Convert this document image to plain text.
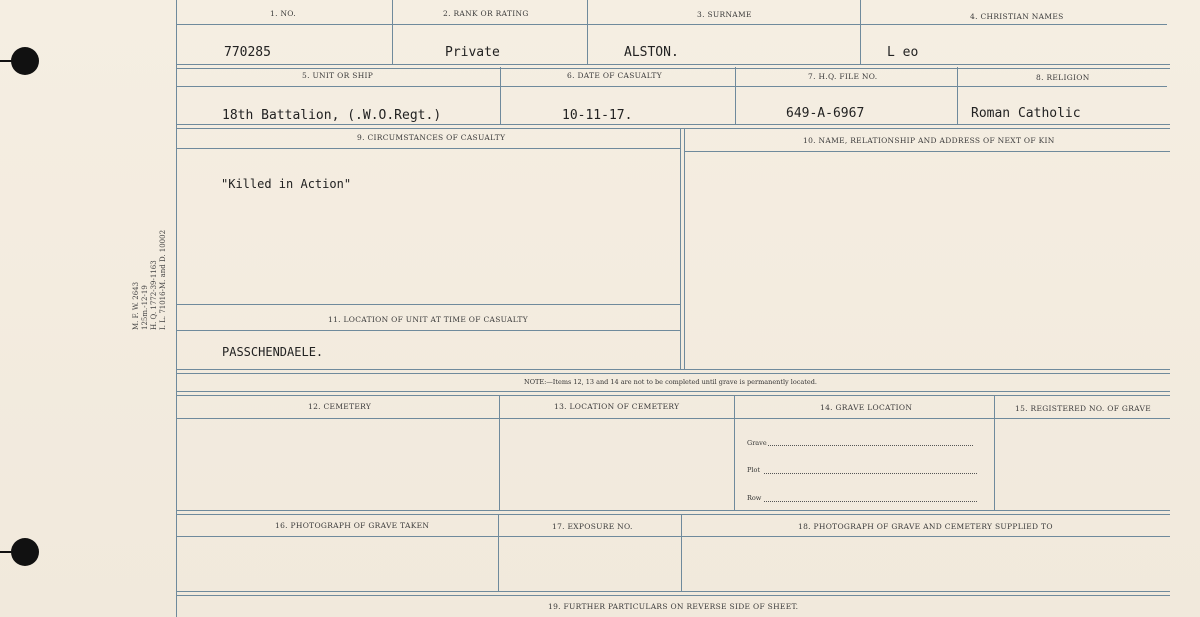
M. F. W. 2643 125m.-12-19 H. Q. 1772-39-1163 I. L. 71016-M. and D. 10002
1. NO.	2. RANK OR RATING	3. SURNAME	4. CHRISTIAN NAMES
770285	Private	ALSTON.	L eo
5. UNIT OR SHIP	6. DATE OF CASUALTY	7. H.Q. FILE NO.	8. RELIGION
18th Battalion, (.W.O.Regt.)	10-11-17.	649-A-6967	Roman Catholic
9. CIRCUMSTANCES OF CASUALTY	10. NAME, RELATIONSHIP AND ADDRESS OF NEXT OF KIN
"Killed in Action"
11. LOCATION OF UNIT AT TIME OF CASUALTY
PASSCHENDAELE.
NOTE:—Items 12, 13 and 14 are not to be completed until grave is permanently located.
12. CEMETERY	13. LOCATION OF CEMETERY	14. GRAVE LOCATION	15. REGISTERED NO. OF GRAVE
Grave
Plot
Row
16. PHOTOGRAPH OF GRAVE TAKEN	17. EXPOSURE NO.	18. PHOTOGRAPH OF GRAVE AND CEMETERY SUPPLIED TO
19. FURTHER PARTICULARS ON REVERSE SIDE OF SHEET.
